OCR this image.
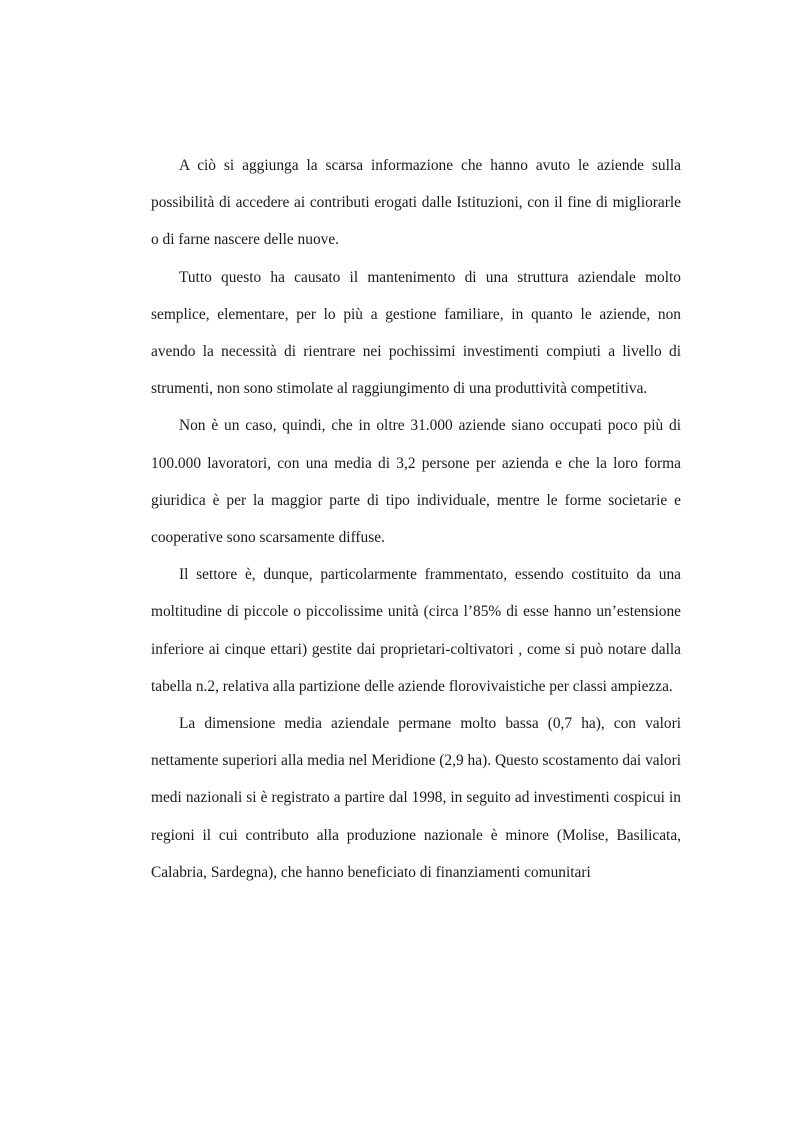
A ciò si aggiunga la scarsa informazione che hanno avuto le aziende sulla possibilità di accedere ai contributi erogati dalle Istituzioni, con il fine di migliorarle o di farne nascere delle nuove.

Tutto questo ha causato il mantenimento di una struttura aziendale molto semplice, elementare, per lo più a gestione familiare, in quanto le aziende, non avendo la necessità di rientrare nei pochissimi investimenti compiuti a livello di strumenti, non sono stimolate al raggiungimento di una produttività competitiva.

Non è un caso, quindi, che in oltre 31.000 aziende siano occupati poco più di 100.000 lavoratori, con una media di 3,2 persone per azienda e che la loro forma giuridica è per la maggior parte di tipo individuale, mentre le forme societarie e cooperative sono scarsamente diffuse.

Il settore è, dunque, particolarmente frammentato, essendo costituito da una moltitudine di piccole o piccolissime unità (circa l’85% di esse hanno un’estensione inferiore ai cinque ettari) gestite dai proprietari-coltivatori , come si può notare dalla tabella n.2, relativa alla partizione delle aziende florovivaistiche per classi ampiezza.

La dimensione media aziendale permane molto bassa (0,7 ha), con valori nettamente superiori alla media nel Meridione (2,9 ha). Questo scostamento dai valori medi nazionali si è registrato a partire dal 1998, in seguito ad investimenti cospicui in regioni il cui contributo alla produzione nazionale è minore (Molise, Basilicata, Calabria, Sardegna), che hanno beneficiato di finanziamenti comunitari
